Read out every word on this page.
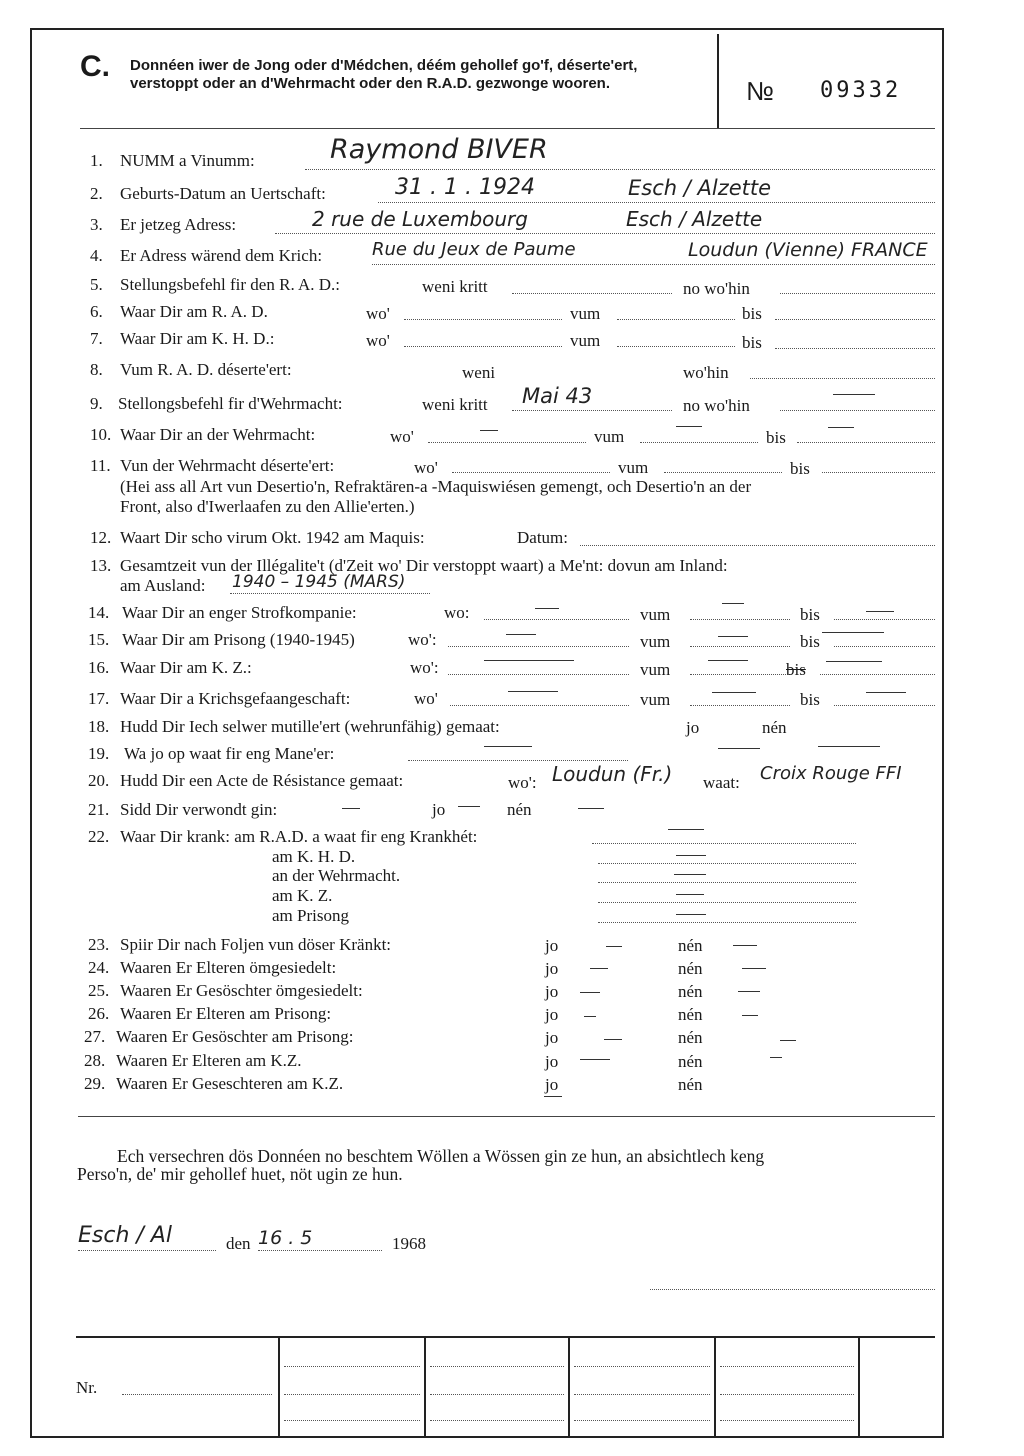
C. Donnéen iwer de Jong oder d'Médchen, déém gehollef go'f, déserte'ert, verstoppt oder an d'Wehrmacht oder den R.A.D. gezwonge wooren.	№ 09332
1. NUMM a Vinumm:	Raymond BIVER
2. Geburts-Datum an Uertschaft:	31 . 1 . 1924	Esch / Alzette
3. Er jetzeg Adress:	2 rue de Luxembourg	Esch / Alzette
4. Er Adress wärend dem Krich:	Rue du Jeux de Paume	Loudun (Vienne) FRANCE
5. Stellungsbefehl fir den R. A. D.:	weni kritt	no wo'hin
6. Waar Dir am R. A. D.	wo'	vum	bis
7. Waar Dir am K. H. D.:	wo'	vum	bis
8. Vum R. A. D. déserte'ert:	weni	wo'hin
9. Stellongsbefehl fir d'Wehrmacht:	weni kritt Mai 43	no wo'hin
10. Waar Dir an der Wehrmacht:	wo'	vum	bis
11. Vun der Wehrmacht déserte'ert:	wo'	vum	bis
(Hei ass all Art vun Desertio'n, Refraktären-a -Maquiswiésen gemengt, och Desertio'n an der
Front, also d'Iwerlaafen zu den Allie'erten.)
12. Waart Dir scho virum Okt. 1942 am Maquis:	Datum:
13. Gesamtzeit vun der Illégalite't (d'Zeit wo' Dir verstoppt waart) a Me'nt: dovun am Inland:
am Ausland: 1940 – 1945 (MARS)
14. Waar Dir an enger Strofkompanie:	wo:	vum	bis
15. Waar Dir am Prisong (1940-1945)	wo':	vum	bis
16. Waar Dir am K. Z.:	wo':	vum	bis
17. Waar Dir a Krichsgefaangeschaft:	wo'	vum	bis
18. Hudd Dir Iech selwer mutille'ert (wehrunfähig) gemaat:	jo	nén
19. Wa jo op waat fir eng Mane'er:
20. Hudd Dir een Acte de Résistance gemaat:	wo': Loudun (Fr.) waat: Croix Rouge FFI
21. Sidd Dir verwondt gin:	jo	nén
22. Waar Dir krank: am R.A.D. a waat fir eng Krankhét:
am K. H. D.
an der Wehrmacht.
am K. Z.
am Prisong
23. Spiir Dir nach Foljen vun döser Kränkt:	jo	nén
24. Waaren Er Elteren ömgesiedelt:	jo	nén
25. Waaren Er Gesöschter ömgesiedelt:	jo	nén
26. Waaren Er Elteren am Prisong:	jo	nén
27. Waaren Er Gesöschter am Prisong:	jo	nén
28. Waaren Er Elteren am K.Z.	jo	nén
29. Waaren Er Geseschteren am K.Z.	jo	nén
Ech versechren dös Donnéen no beschtem Wöllen a Wössen gin ze hun, an absichtlech keng
Perso'n, de' mir gehollef huet, nöt ugin ze hun.
Esch / Al	den 16 . 5	1968
Nr.
